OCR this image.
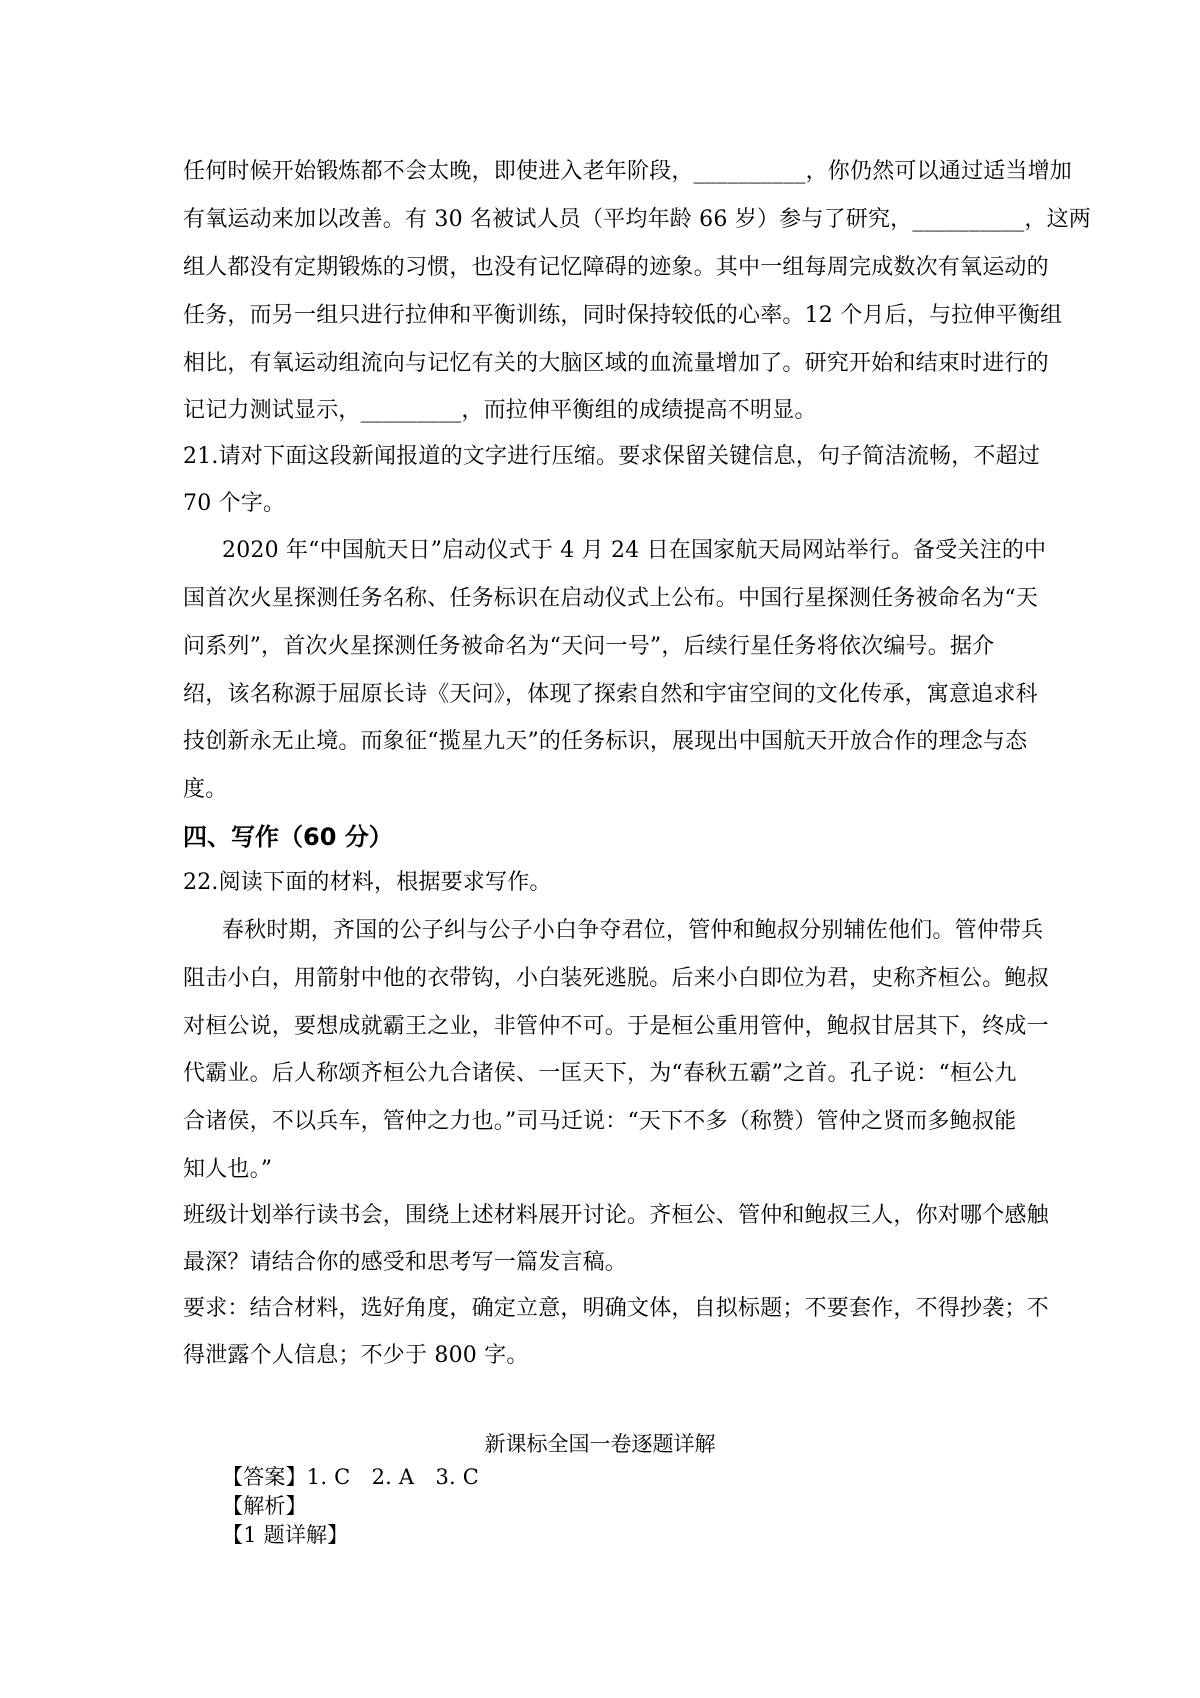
任何时候开始锻炼都不会太晚，即使进入老年阶段，__________，你仍然可以通过适当增加
有氧运动来加以改善。有 30 名被试人员（平均年龄 66 岁）参与了研究，__________，这两
组人都没有定期锻炼的习惯，也没有记忆障碍的迹象。其中一组每周完成数次有氧运动的
任务，而另一组只进行拉伸和平衡训练，同时保持较低的心率。12 个月后，与拉伸平衡组
相比，有氧运动组流向与记忆有关的大脑区域的血流量增加了。研究开始和结束时进行的
记记力测试显示，_________，而拉伸平衡组的成绩提高不明显。
21.请对下面这段新闻报道的文字进行压缩。要求保留关键信息，句子简洁流畅，不超过
70 个字。
2020 年“中国航天日”启动仪式于 4 月 24 日在国家航天局网站举行。备受关注的中
国首次火星探测任务名称、任务标识在启动仪式上公布。中国行星探测任务被命名为“天
问系列”，首次火星探测任务被命名为“天问一号”，后续行星任务将依次编号。据介
绍，该名称源于屈原长诗《天问》，体现了探索自然和宇宙空间的文化传承，寓意追求科
技创新永无止境。而象征“揽星九天”的任务标识，展现出中国航天开放合作的理念与态
度。
四、写作（60 分）
22.阅读下面的材料，根据要求写作。
春秋时期，齐国的公子纠与公子小白争夺君位，管仲和鲍叔分别辅佐他们。管仲带兵
阻击小白，用箭射中他的衣带钩，小白装死逃脱。后来小白即位为君，史称齐桓公。鲍叔
对桓公说，要想成就霸王之业，非管仲不可。于是桓公重用管仲，鲍叔甘居其下，终成一
代霸业。后人称颂齐桓公九合诸侯、一匡天下，为“春秋五霸”之首。孔子说：“桓公九
合诸侯，不以兵车，管仲之力也。”司马迁说：“天下不多（称赞）管仲之贤而多鲍叔能
知人也。”
班级计划举行读书会，围绕上述材料展开讨论。齐桓公、管仲和鲍叔三人，你对哪个感触
最深？请结合你的感受和思考写一篇发言稿。
要求：结合材料，选好角度，确定立意，明确文体，自拟标题；不要套作，不得抄袭；不
得泄露个人信息；不少于 800 字。
新课标全国一卷逐题详解
【答案】1. C　2. A　3. C
【解析】
【1 题详解】
